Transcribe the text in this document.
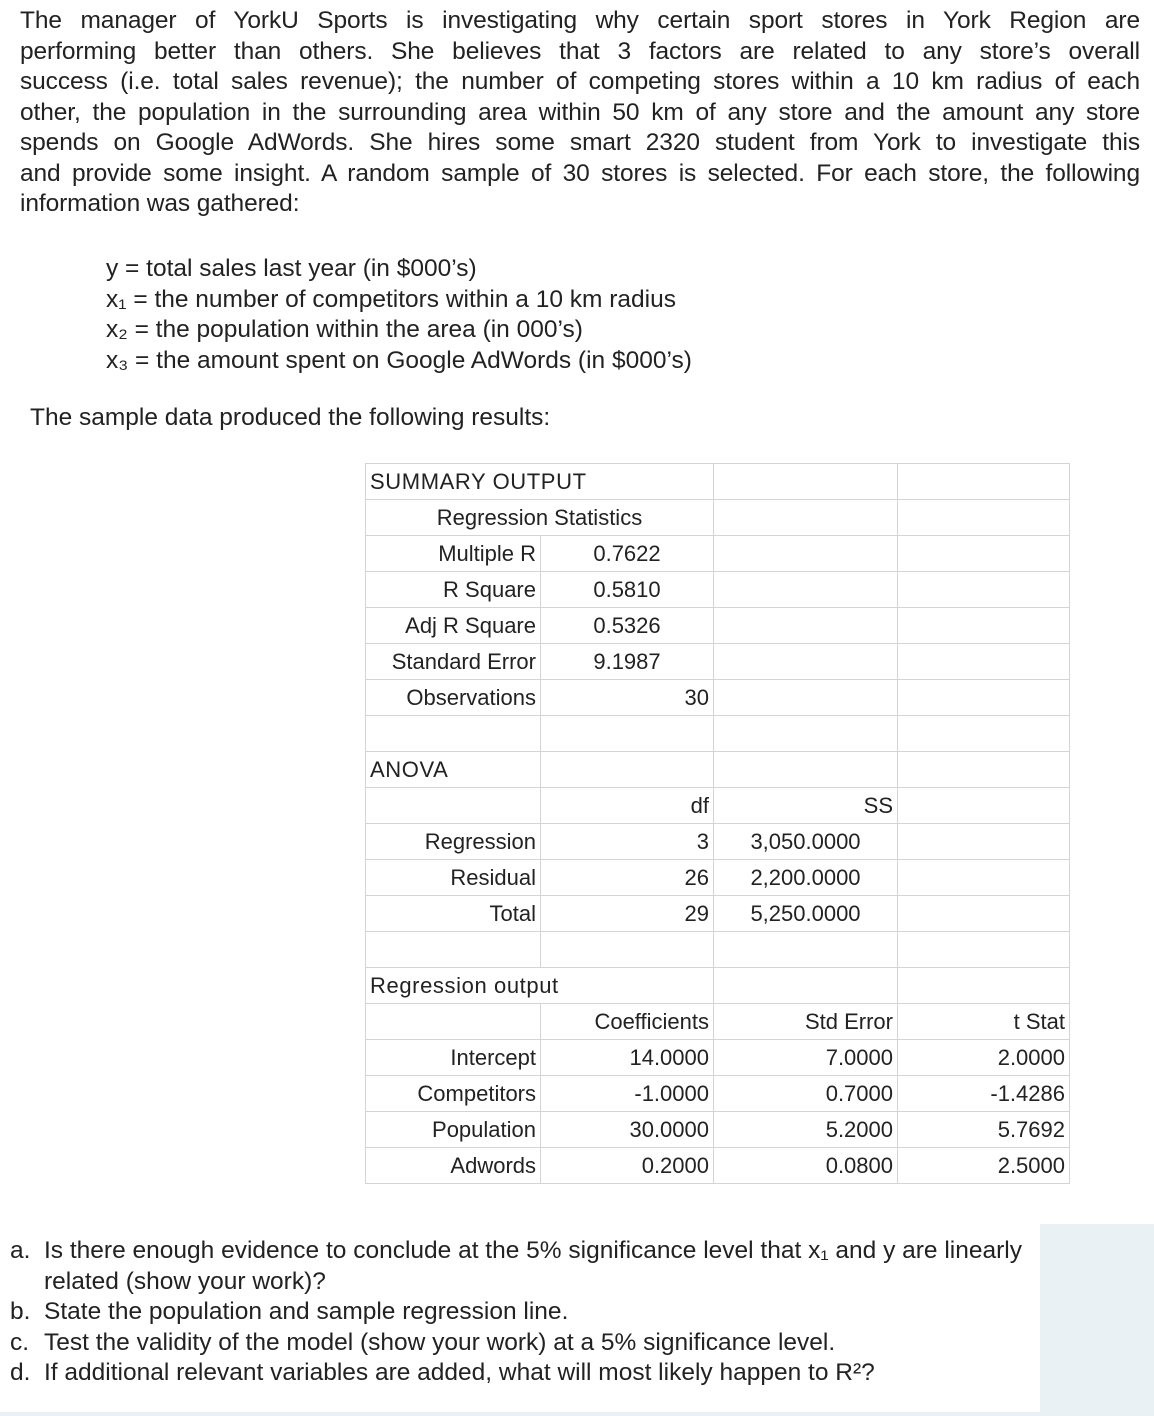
The manager of YorkU Sports is investigating why certain sport stores in York Region are
performing better than others. She believes that 3 factors are related to any store’s overall
success (i.e. total sales revenue); the number of competing stores within a 10 km radius of each
other, the population in the surrounding area within 50 km of any store and the amount any store
spends on Google AdWords. She hires some smart 2320 student from York to investigate this
and provide some insight. A random sample of 30 stores is selected. For each store, the following
information was gathered:
y = total sales last year (in $000’s)
x₁ = the number of competitors within a 10 km radius
x₂ = the population within the area (in 000’s)
x₃ = the amount spent on Google AdWords (in $000’s)
The sample data produced the following results:
SUMMARY OUTPUT			
Regression Statistics			
Multiple R	0.7622		
R Square	0.5810		
Adj R Square	0.5326		
Standard Error	9.1987		
Observations	30		

ANOVA			
	df	SS	
Regression	3	3,050.0000	
Residual	26	2,200.0000	
Total	29	5,250.0000	

Regression output			
	Coefficients	Std Error	t Stat
Intercept	14.0000	7.0000	2.0000
Competitors	-1.0000	0.7000	-1.4286
Population	30.0000	5.2000	5.7692
Adwords	0.2000	0.0800	2.5000
a. Is there enough evidence to conclude at the 5% significance level that x₁ and y are linearly related (show your work)?
b. State the population and sample regression line.
c. Test the validity of the model (show your work) at a 5% significance level.
d. If additional relevant variables are added, what will most likely happen to R²?
